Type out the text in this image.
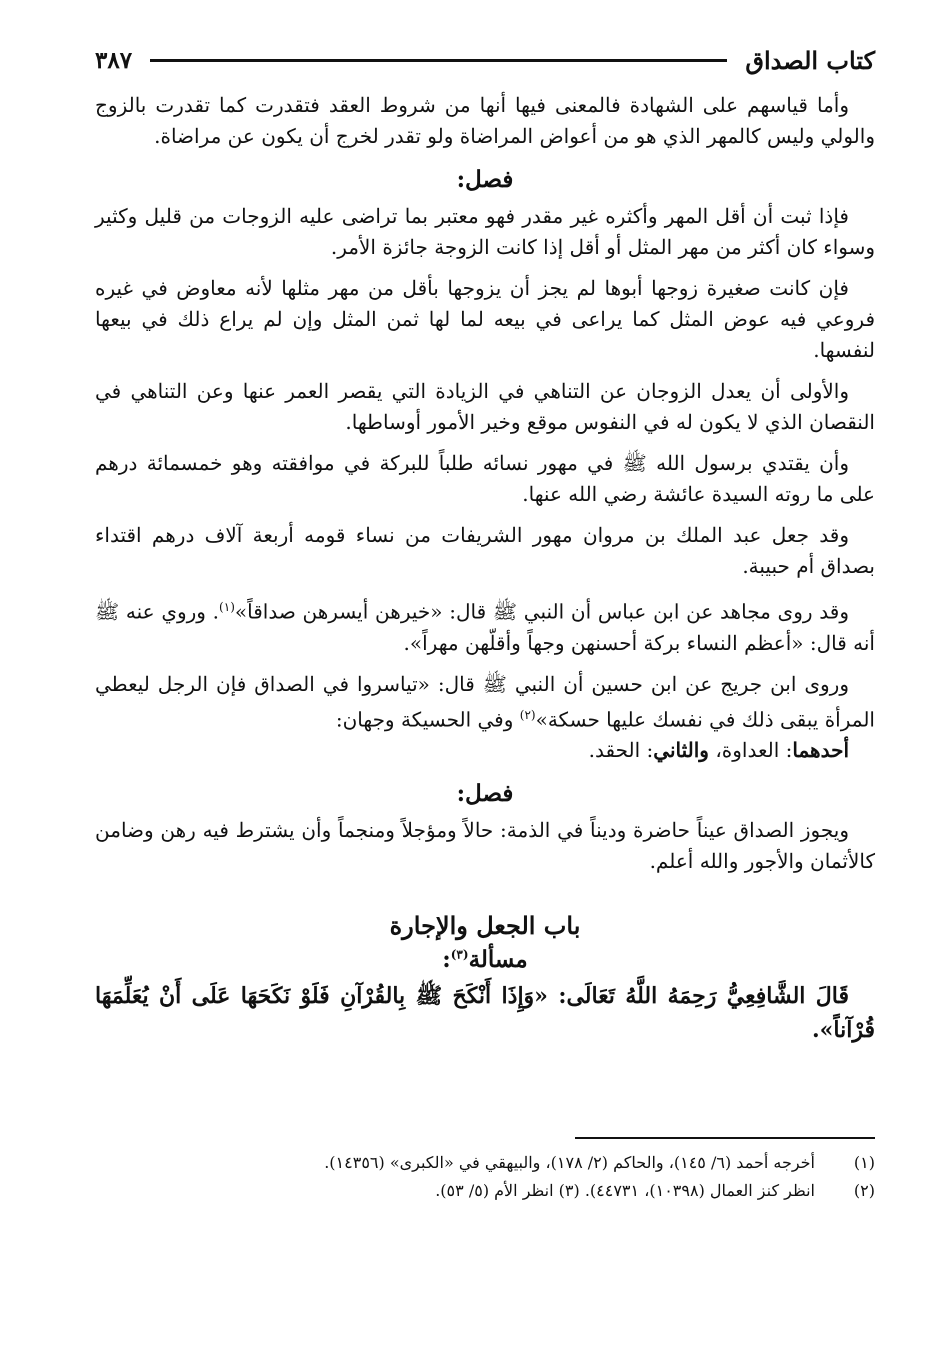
كتاب الصداق
٣٨٧

وأما قياسهم على الشهادة فالمعنى فيها أنها من شروط العقد فتقدرت كما تقدرت بالزوج والولي وليس كالمهر الذي هو من أعواض المراضاة ولو تقدر لخرج أن يكون عن مراضاة.

فصل:

فإذا ثبت أن أقل المهر وأكثره غير مقدر فهو معتبر بما تراضى عليه الزوجات من قليل وكثير وسواء كان أكثر من مهر المثل أو أقل إذا كانت الزوجة جائزة الأمر.

فإن كانت صغيرة زوجها أبوها لم يجز أن يزوجها بأقل من مهر مثلها لأنه معاوض في غيره فروعي فيه عوض المثل كما يراعى في بيعه لما لها ثمن المثل وإن لم يراع ذلك في بيعها لنفسها.

والأولى أن يعدل الزوجان عن التناهي في الزيادة التي يقصر العمر عنها وعن التناهي في النقصان الذي لا يكون له في النفوس موقع وخير الأمور أوساطها.

وأن يقتدي برسول الله ﷺ في مهور نسائه طلباً للبركة في موافقته وهو خمسمائة درهم على ما روته السيدة عائشة رضي الله عنها.

وقد جعل عبد الملك بن مروان مهور الشريفات من نساء قومه أربعة آلاف درهم اقتداء بصداق أم حبيبة.

وقد روى مجاهد عن ابن عباس أن النبي ﷺ قال: «خيرهن أيسرهن صداقاً»$^{(١)}$. وروي عنه ﷺ أنه قال: «أعظم النساء بركة أحسنهن وجهاً وأقلّهن مهراً».

وروى ابن جريج عن ابن حسين أن النبي ﷺ قال: «تياسروا في الصداق فإن الرجل ليعطي المرأة يبقى ذلك في نفسك عليها حسكة»$^{(٢)}$ وفي الحسيكة وجهان:

أحدهما: العداوة، والثاني: الحقد.

فصل:

ويجوز الصداق عيناً حاضرة وديناً في الذمة: حالاً ومؤجلاً ومنجماً وأن يشترط فيه رهن وضامن كالأثمان والأجور والله أعلم.

باب الجعل والإجارة
مسألة$^{(٣)}$:

قَالَ الشَّافِعِيُّ رَحِمَهُ اللَّهُ تَعَالَى: «وَإِذَا أَنْكَحَ ﷺ بِالقُرْآنِ فَلَوْ نَكَحَهَا عَلَى أَنْ يُعَلِّمَهَا قُرْآناً».

(١)
أخرجه أحمد (٦/ ١٤٥)، والحاكم (٢/ ١٧٨)، والبيهقي في «الكبرى» (١٤٣٥٦).
(٢)
انظر كنز العمال (١٠٣٩٨)، ٤٤٧٣١). (٣) انظر الأم (٥/ ٥٣).
